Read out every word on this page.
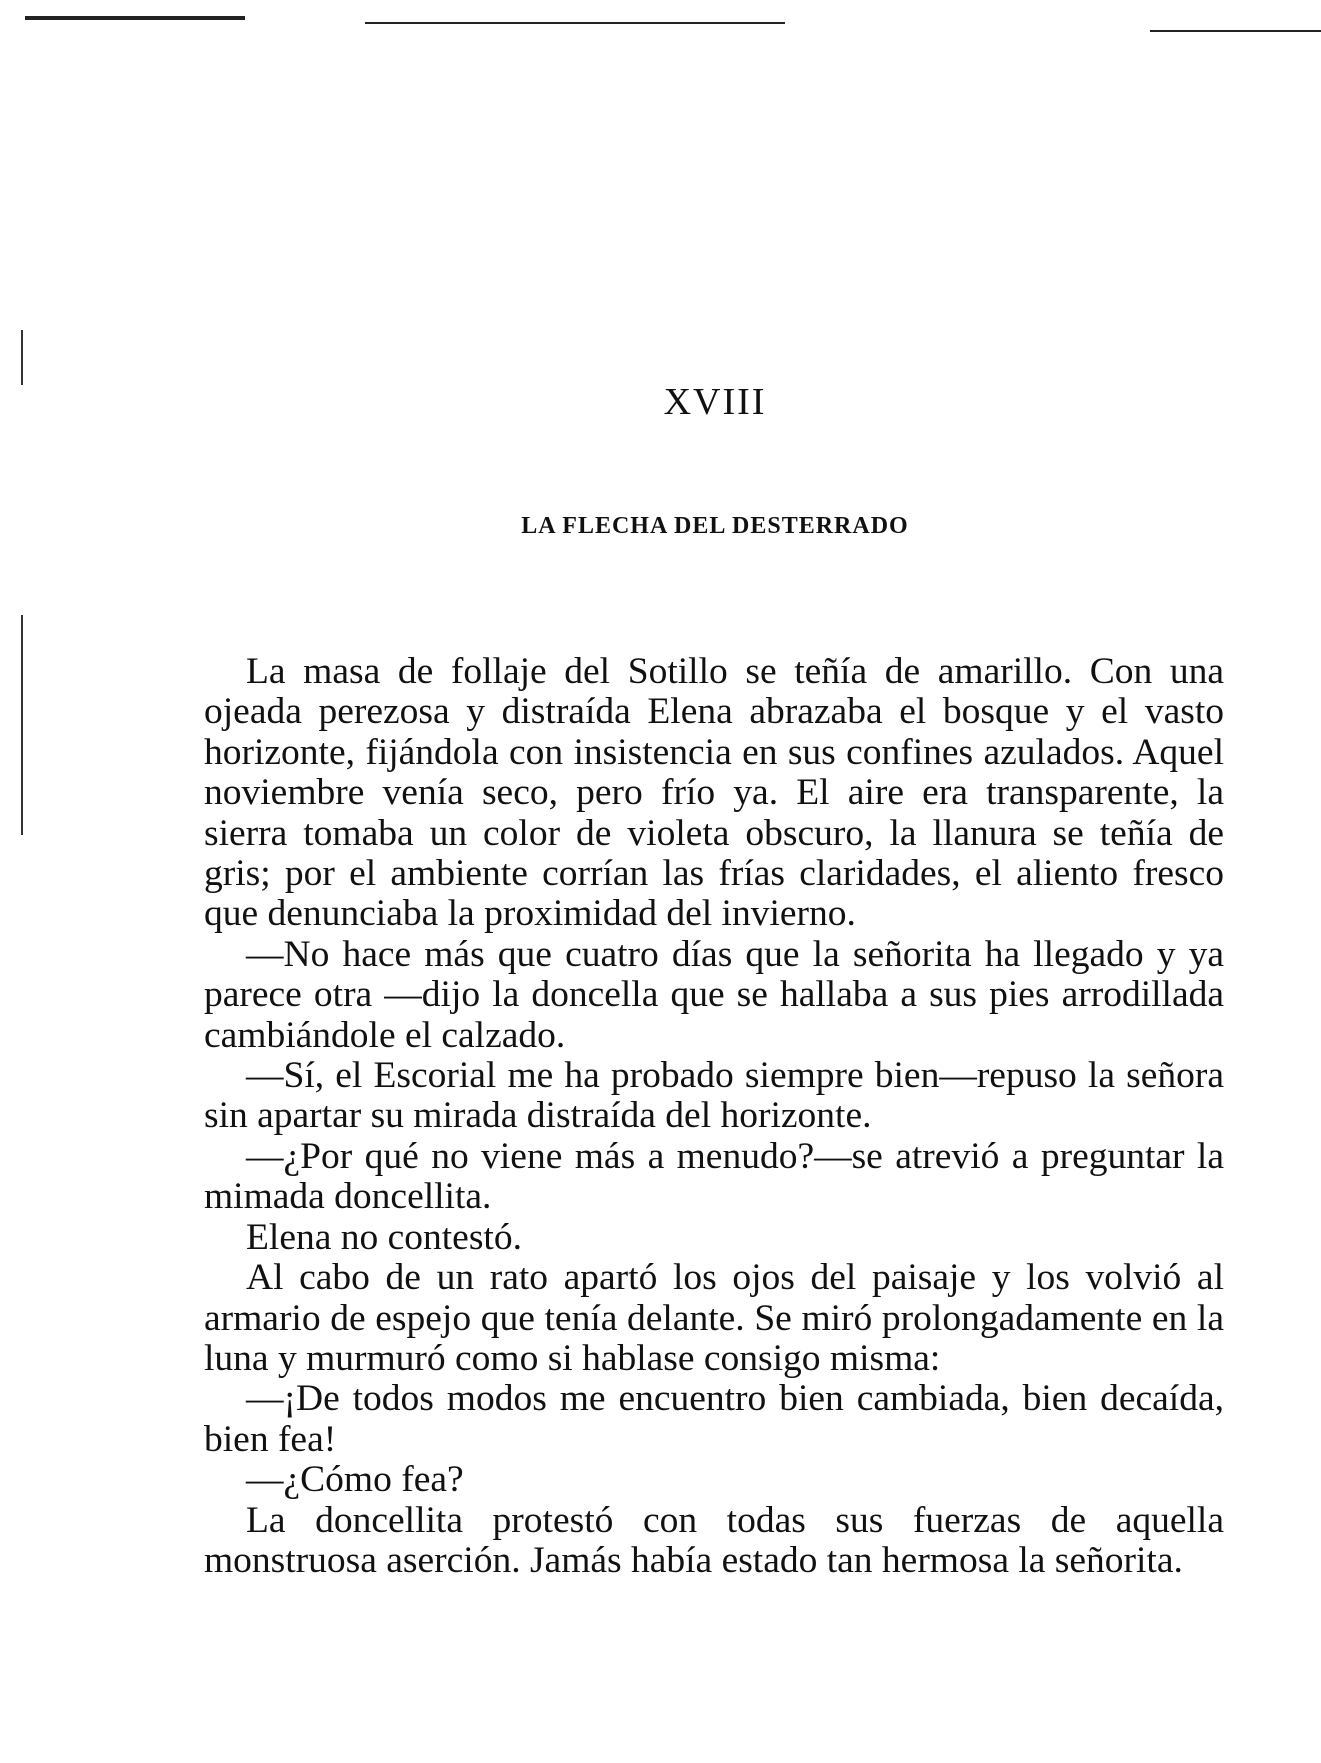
XVIII
LA FLECHA DEL DESTERRADO

La masa de follaje del Sotillo se teñía de amarillo. Con una ojeada perezosa y distraída Elena abrazaba el bosque y el vasto horizonte, fijándola con insistencia en sus confines azulados. Aquel noviembre venía seco, pero frío ya. El aire era transparente, la sierra tomaba un color de violeta obscuro, la llanura se teñía de gris; por el ambiente corrían las frías claridades, el aliento fresco que denunciaba la proximidad del invierno.

—No hace más que cuatro días que la señorita ha llegado y ya parece otra —dijo la doncella que se hallaba a sus pies arrodillada cambiándole el calzado.

—Sí, el Escorial me ha probado siempre bien—repuso la señora sin apartar su mirada distraída del horizonte.

—¿Por qué no viene más a menudo?—se atrevió a preguntar la mimada doncellita.

Elena no contestó.

Al cabo de un rato apartó los ojos del paisaje y los volvió al armario de espejo que tenía delante. Se miró prolongadamente en la luna y murmuró como si hablase consigo misma:

—¡De todos modos me encuentro bien cambiada, bien decaída, bien fea!

—¿Cómo fea?

La doncellita protestó con todas sus fuerzas de aquella monstruosa aserción. Jamás había estado tan hermosa la señorita.
